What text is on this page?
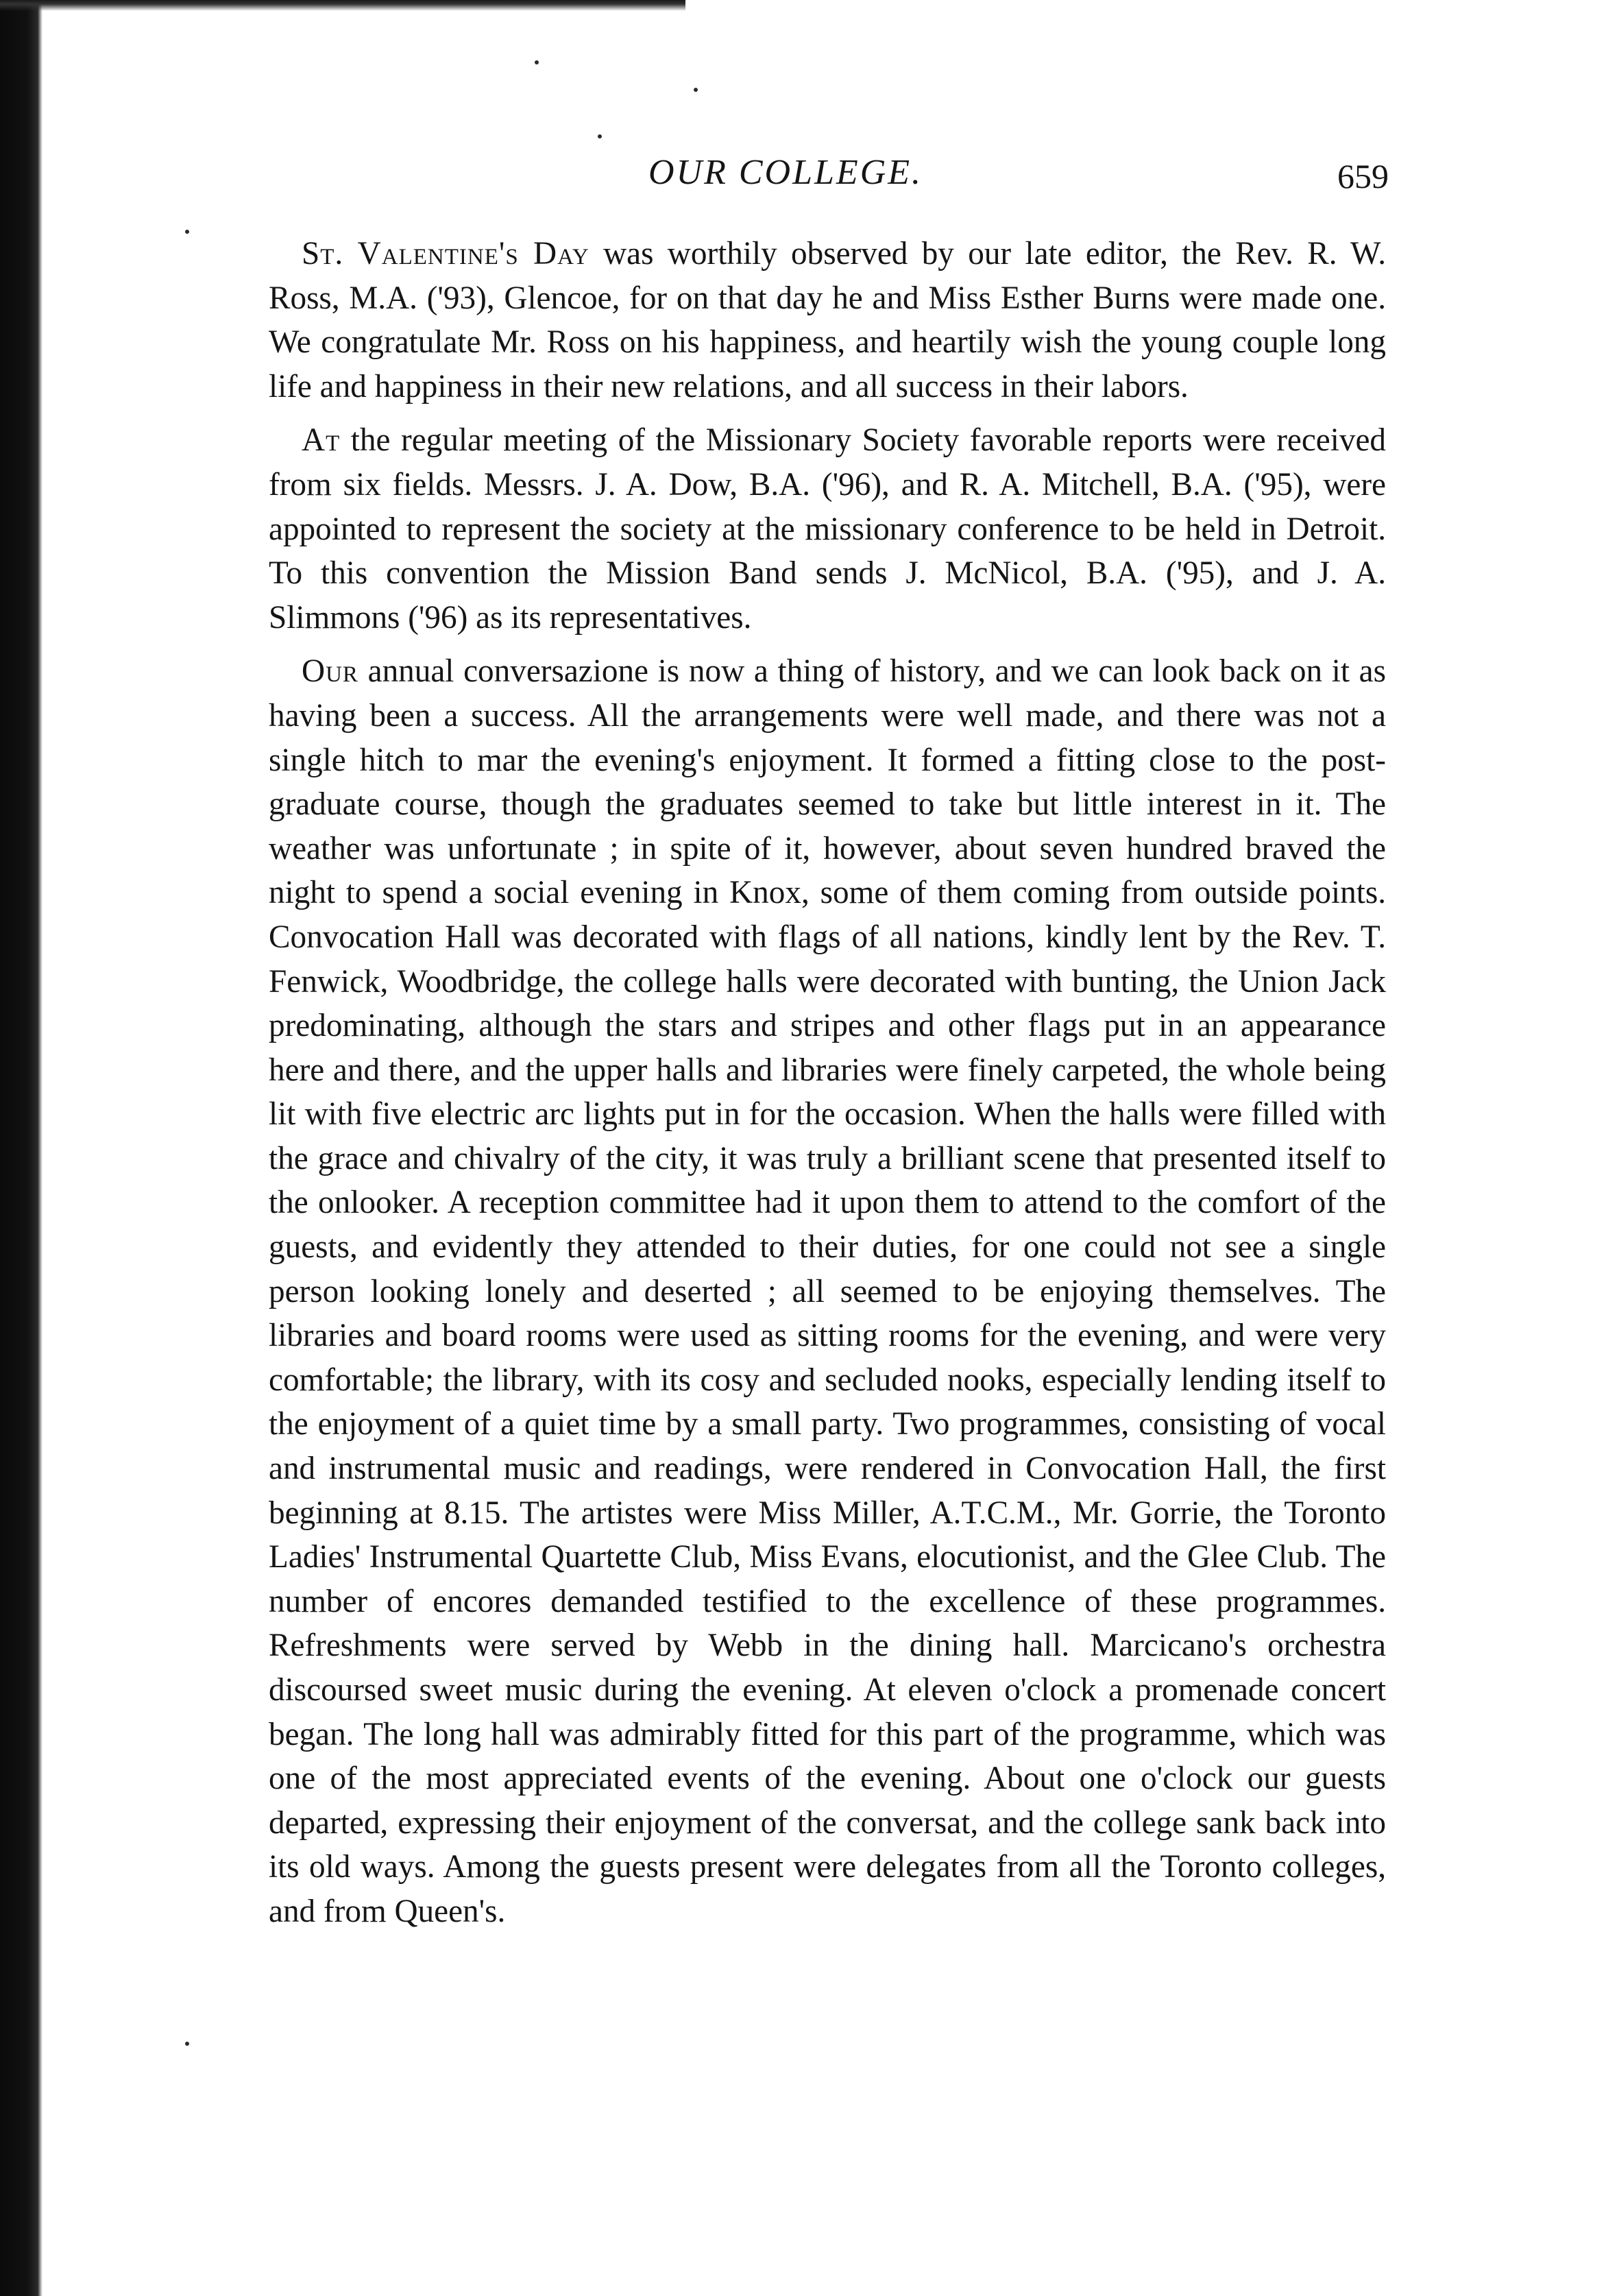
OUR COLLEGE.	659

St. Valentine's Day was worthily observed by our late editor, the Rev. R. W. Ross, M.A. ('93), Glencoe, for on that day he and Miss Esther Burns were made one. We congratulate Mr. Ross on his happiness, and heartily wish the young couple long life and happiness in their new relations, and all success in their labors.

At the regular meeting of the Missionary Society favorable reports were received from six fields. Messrs. J. A. Dow, B.A. ('96), and R. A. Mitchell, B.A. ('95), were appointed to represent the society at the missionary conference to be held in Detroit. To this convention the Mission Band sends J. McNicol, B.A. ('95), and J. A. Slimmons ('96) as its representatives.

Our annual conversazione is now a thing of history, and we can look back on it as having been a success. All the arrangements were well made, and there was not a single hitch to mar the evening's enjoyment. It formed a fitting close to the post-graduate course, though the graduates seemed to take but little interest in it. The weather was unfortunate ; in spite of it, however, about seven hundred braved the night to spend a social evening in Knox, some of them coming from outside points. Convocation Hall was decorated with flags of all nations, kindly lent by the Rev. T. Fenwick, Woodbridge, the college halls were decorated with bunting, the Union Jack predominating, although the stars and stripes and other flags put in an appearance here and there, and the upper halls and libraries were finely carpeted, the whole being lit with five electric arc lights put in for the occasion. When the halls were filled with the grace and chivalry of the city, it was truly a brilliant scene that presented itself to the onlooker. A reception committee had it upon them to attend to the comfort of the guests, and evidently they attended to their duties, for one could not see a single person looking lonely and deserted ; all seemed to be enjoying themselves. The libraries and board rooms were used as sitting rooms for the evening, and were very comfortable; the library, with its cosy and secluded nooks, especially lending itself to the enjoyment of a quiet time by a small party. Two programmes, consisting of vocal and instrumental music and readings, were rendered in Convocation Hall, the first beginning at 8.15. The artistes were Miss Miller, A.T.C.M., Mr. Gorrie, the Toronto Ladies' Instrumental Quartette Club, Miss Evans, elocutionist, and the Glee Club. The number of encores demanded testified to the excellence of these programmes. Refreshments were served by Webb in the dining hall. Marcicano's orchestra discoursed sweet music during the evening. At eleven o'clock a promenade concert began. The long hall was admirably fitted for this part of the programme, which was one of the most appreciated events of the evening. About one o'clock our guests departed, expressing their enjoyment of the conversat, and the college sank back into its old ways. Among the guests present were delegates from all the Toronto colleges, and from Queen's.
